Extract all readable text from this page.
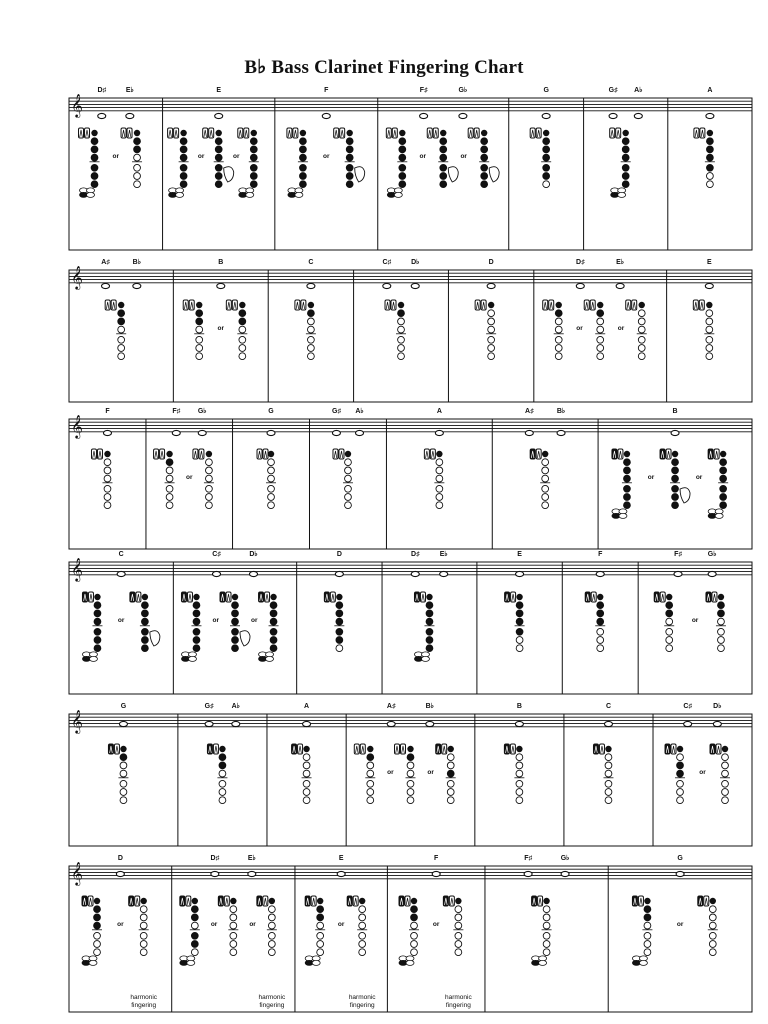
B♭ Bass Clarinet Fingering Chart
𝄞
D♯	E♭
or
E
or	or
F
or
F♯	G♭
or	or
G	G♯ A♭	A
𝄞
A♯	B♭	B
or
C	C♯	D♭	D	D♯	E♭
or	or
E
𝄞
F	F♯	G♭
or
G	G♯ A♭	A	A♯	B♭	B
or	or
𝄞
C
or
C♯	D♭
or	or
D	D♯	E♭	E	F	F♯	G♭
or
𝄞
G	G♯	A♭	A	A♯	B♭
or	or
B	C	C♯	D♭
or
𝄞
D
or
harmonic
fingering
D♯	E♭
or	or
harmonic
fingering
E
or
harmonic
fingering
F
or
harmonic
fingering
F♯	G♭	G
or
